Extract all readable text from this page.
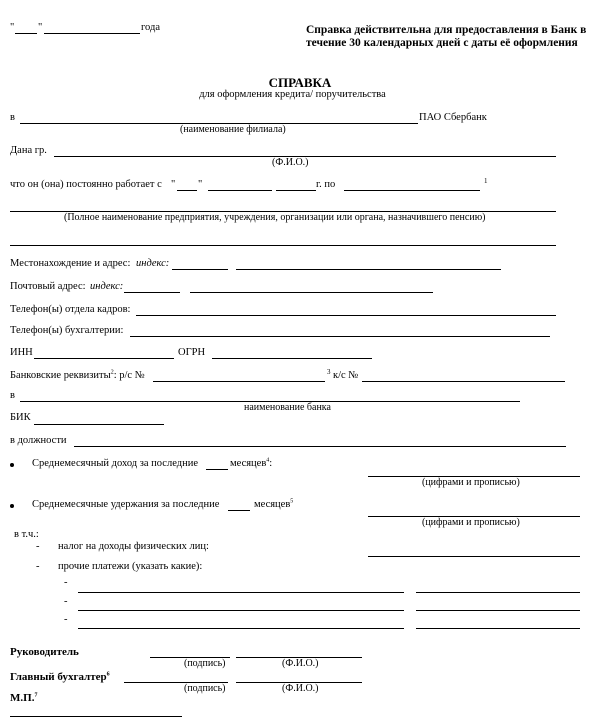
" "	года	Справка действительна для предоставления в Банк в течение 30 календарных дней с даты её оформления
СПРАВКА
для оформления кредита/ поручительства
в	ПАО Сбербанк
(наименование филиала)
Дана гр.
(Ф.И.О.)
что он (она) постоянно работает с " "	г. по	1
(Полное наименование предприятия, учреждения, организации или органа, назначившего пенсию)
Местонахождение и адрес: индекс:
Почтовый адрес: индекс:
Телефон(ы) отдела кадров:
Телефон(ы) бухгалтерии:
ИНН	ОГРН
Банковские реквизиты$^2$: р/с №	3 к/с №
в
наименование банка
БИК
в должности
Среднемесячный доход за последние	месяцев$^4$:
(цифрами и прописью)
Среднемесячные удержания за последние	месяцев$^5$
(цифрами и прописью)
в т.ч.:
- налог на доходы физических лиц:
- прочие платежи (указать какие):
-
-
-
Руководитель
(подпись)	(Ф.И.О.)
Главный бухгалтер$^6$
(подпись)	(Ф.И.О.)
М.П.$^7$
